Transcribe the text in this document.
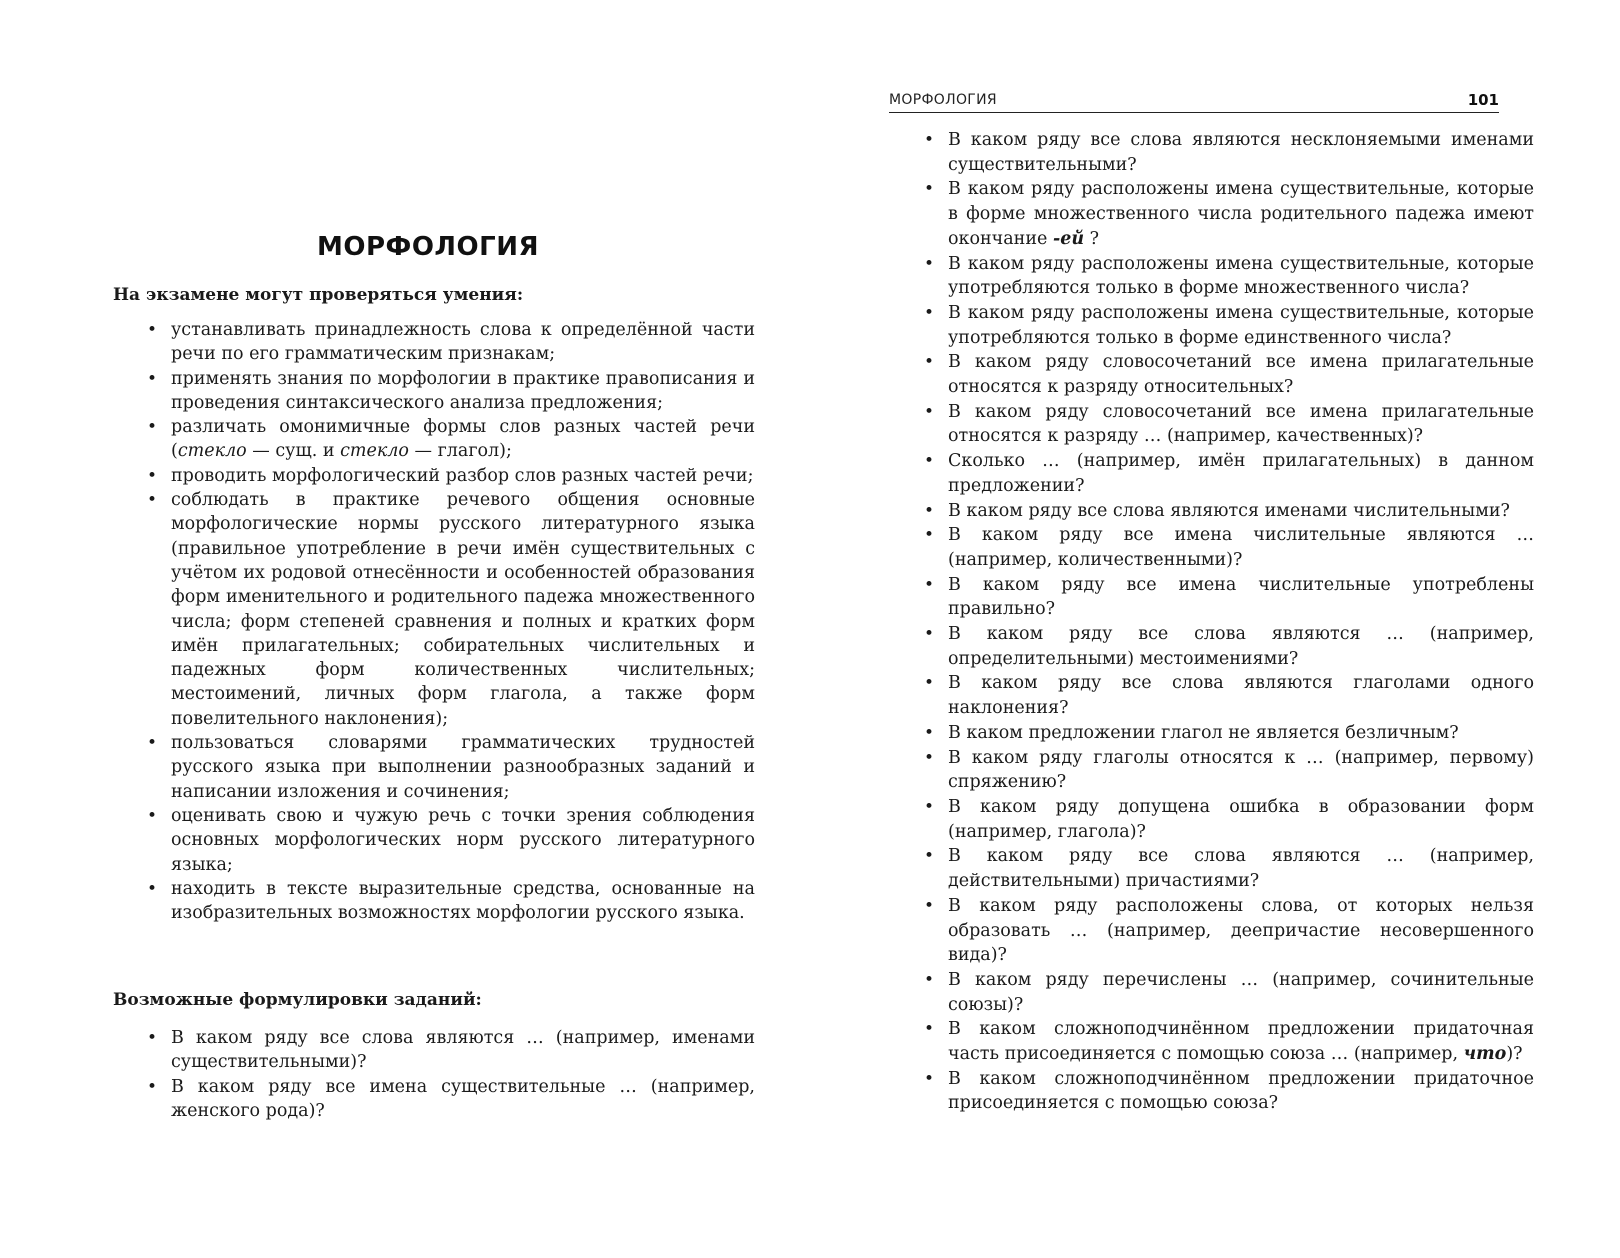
МОРФОЛОГИЯ
На экзамене могут проверяться умения:
• устанавливать принадлежность слова к определённой части речи по его грамматическим признакам;
• применять знания по морфологии в практике правописания и проведения синтаксического анализа предложения;
• различать омонимичные формы слов разных частей речи (стекло — сущ. и стекло — глагол);
• проводить морфологический разбор слов разных частей речи;
• соблюдать в практике речевого общения основные морфологические нормы русского литературного языка (правильное употребление в речи имён существительных с учётом их родовой отнесённости и особенностей образования форм именительного и родительного падежа множественного числа; форм степеней сравнения и полных и кратких форм имён прилагательных; собирательных числительных и падежных форм количественных числительных; местоимений, личных форм глагола, а также форм повелительного наклонения);
• пользоваться словарями грамматических трудностей русского языка при выполнении разнообразных заданий и написании изложения и сочинения;
• оценивать свою и чужую речь с точки зрения соблюдения основных морфологических норм русского литературного языка;
• находить в тексте выразительные средства, основанные на изобразительных возможностях морфологии русского языка.
Возможные формулировки заданий:
• В каком ряду все слова являются … (например, именами существительными)?
• В каком ряду все имена существительные … (например, женского рода)?
МОРФОЛОГИЯ	101
• В каком ряду все слова являются несклоняемыми именами существительными?
• В каком ряду расположены имена существительные, которые в форме множественного числа родительного падежа имеют окончание -ей ?
• В каком ряду расположены имена существительные, которые употребляются только в форме множественного числа?
• В каком ряду расположены имена существительные, которые употребляются только в форме единственного числа?
• В каком ряду словосочетаний все имена прилагательные относятся к разряду относительных?
• В каком ряду словосочетаний все имена прилагательные относятся к разряду … (например, качественных)?
• Сколько … (например, имён прилагательных) в данном предложении?
• В каком ряду все слова являются именами числительными?
• В каком ряду все имена числительные являются … (например, количественными)?
• В каком ряду все имена числительные употреблены правильно?
• В каком ряду все слова являются … (например, определительными) местоимениями?
• В каком ряду все слова являются глаголами одного наклонения?
• В каком предложении глагол не является безличным?
• В каком ряду глаголы относятся к … (например, первому) спряжению?
• В каком ряду допущена ошибка в образовании форм (например, глагола)?
• В каком ряду все слова являются … (например, действительными) причастиями?
• В каком ряду расположены слова, от которых нельзя образовать … (например, деепричастие несовершенного вида)?
• В каком ряду перечислены … (например, сочинительные союзы)?
• В каком сложноподчинённом предложении придаточная часть присоединяется с помощью союза … (например, что)?
• В каком сложноподчинённом предложении придаточное присоединяется с помощью союза?
